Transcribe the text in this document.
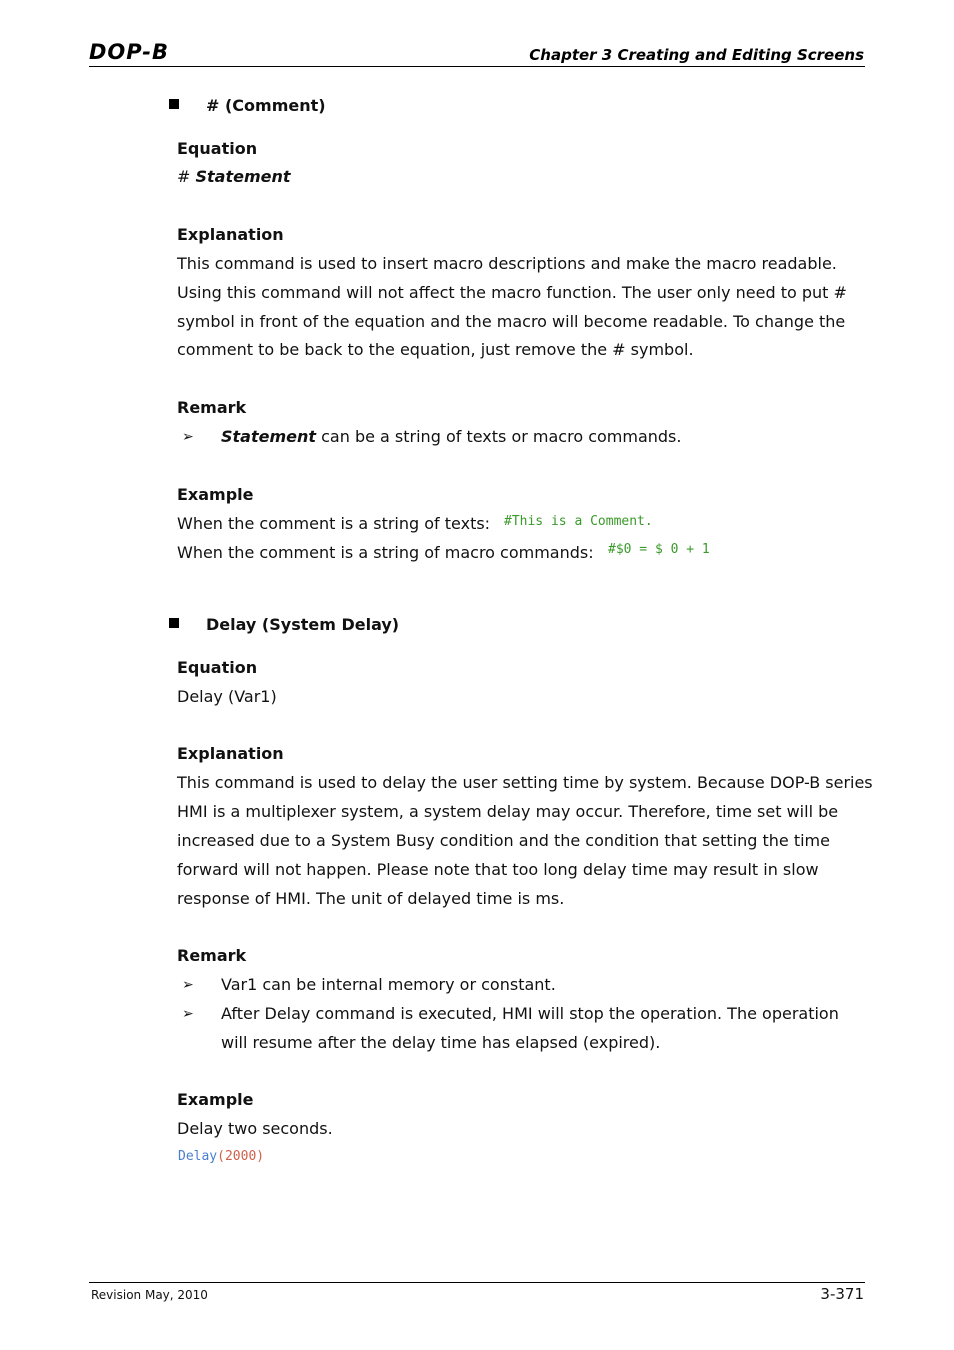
DOP-B	Chapter 3 Creating and Editing Screens
# (Comment)
Equation
# Statement
Explanation
This command is used to insert macro descriptions and make the macro readable.
Using this command will not affect the macro function. The user only need to put #
symbol in front of the equation and the macro will become readable. To change the
comment to be back to the equation, just remove the # symbol.
Remark
➢ Statement can be a string of texts or macro commands.
Example
When the comment is a string of texts: #This is a Comment.
When the comment is a string of macro commands: #$0 = $ 0 + 1
Delay (System Delay)
Equation
Delay (Var1)
Explanation
This command is used to delay the user setting time by system. Because DOP-B series
HMI is a multiplexer system, a system delay may occur. Therefore, time set will be
increased due to a System Busy condition and the condition that setting the time
forward will not happen. Please note that too long delay time may result in slow
response of HMI. The unit of delayed time is ms.
Remark
➢ Var1 can be internal memory or constant.
➢ After Delay command is executed, HMI will stop the operation. The operation
will resume after the delay time has elapsed (expired).
Example
Delay two seconds.
Delay(2000)
Revision May, 2010	3-371
